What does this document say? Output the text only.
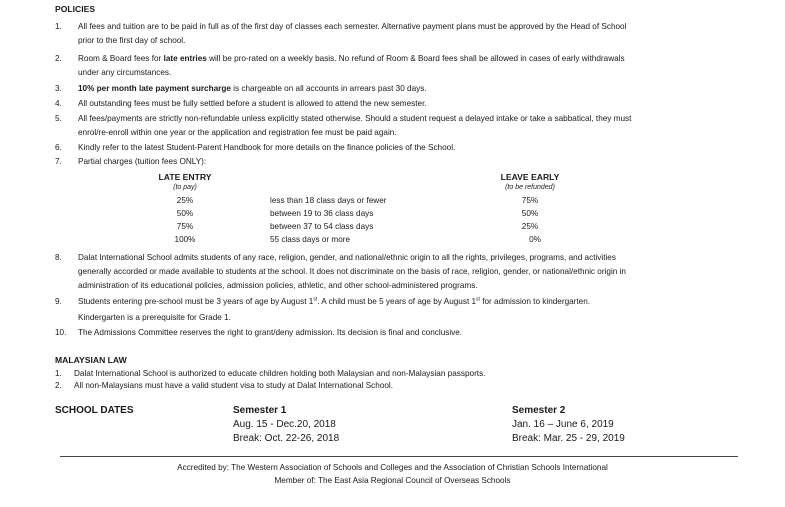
POLICIES
1. All fees and tuition are to be paid in full as of the first day of classes each semester. Alternative payment plans must be approved by the Head of School
prior to the first day of school.
2. Room & Board fees for late entries will be pro-rated on a weekly basis. No refund of Room & Board fees shall be allowed in cases of early withdrawals
under any circumstances.
3. 10% per month late payment surcharge is chargeable on all accounts in arrears past 30 days.
4. All outstanding fees must be fully settled before a student is allowed to attend the new semester.
5. All fees/payments are strictly non-refundable unless explicitly stated otherwise. Should a student request a delayed intake or take a sabbatical, they must
enrol/re-enroll within one year or the application and registration fee must be paid again.
6. Kindly refer to the latest Student-Parent Handbook for more details on the finance policies of the School.
7. Partial charges (tuition fees ONLY):
LATE ENTRY
(to pay)
LEAVE EARLY
(to be refunded)
25%	less than 18 class days or fewer	75%
50%	between 19 to 36 class days	50%
75%	between 37 to 54 class days	25%
100%	55 class days or more	0%
8. Dalat International School admits students of any race, religion, gender, and national/ethnic origin to all the rights, privileges, programs, and activities
generally accorded or made available to students at the school. It does not discriminate on the basis of race, religion, gender, or national/ethnic origin in
administration of its educational policies, admission policies, athletic, and other school-administered programs.
9. Students entering pre-school must be 3 years of age by August 1st. A child must be 5 years of age by August 1st for admission to kindergarten.
Kindergarten is a prerequisite for Grade 1.
10. The Admissions Committee reserves the right to grant/deny admission. Its decision is final and conclusive.
MALAYSIAN LAW
1. Dalat International School is authorized to educate children holding both Malaysian and non-Malaysian passports.
2. All non-Malaysians must have a valid student visa to study at Dalat International School.
SCHOOL DATES	Semester 1
Aug. 15 - Dec.20, 2018
Break: Oct. 22-26, 2018
Semester 2
Jan. 16 – June 6, 2019
Break: Mar. 25 - 29, 2019
Accredited by: The Western Association of Schools and Colleges and the Association of Christian Schools International
Member of: The East Asia Regional Council of Overseas Schools
